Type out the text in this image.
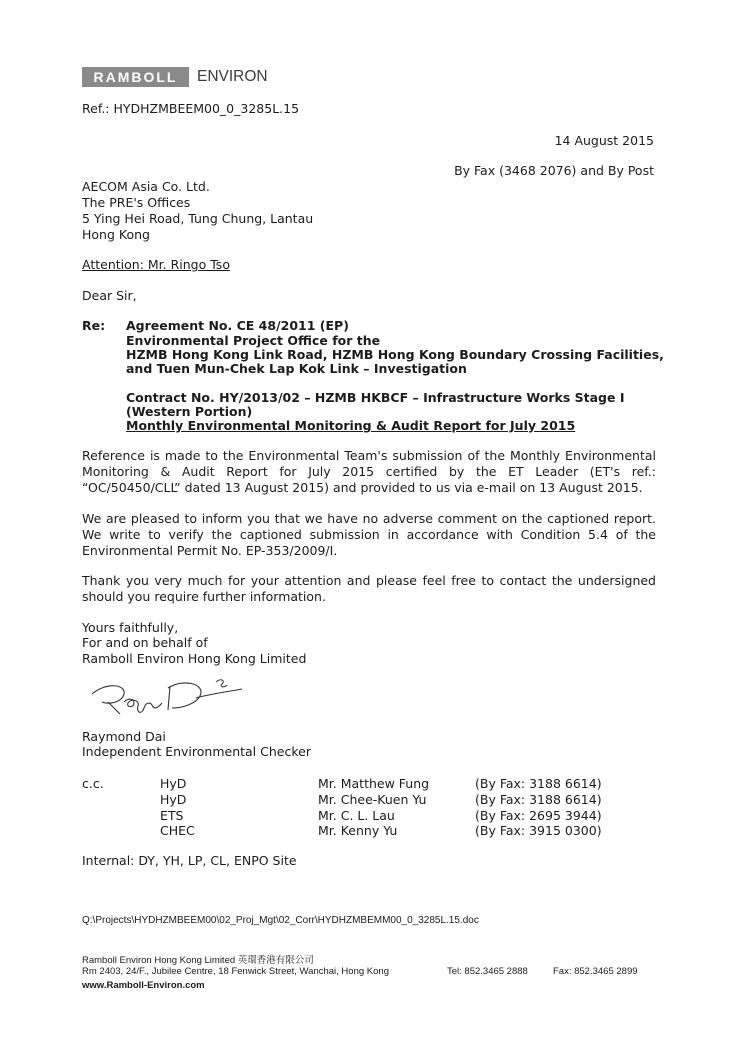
RAMBOLL	ENVIRON
Ref.: HYDHZMBEEM00_0_3285L.15
14 August 2015
By Fax (3468 2076) and By Post
AECOM Asia Co. Ltd.
The PRE's Offices
5 Ying Hei Road, Tung Chung, Lantau
Hong Kong
Attention: Mr. Ringo Tso
Dear Sir,
Re: Agreement No. CE 48/2011 (EP)
Environmental Project Office for the
HZMB Hong Kong Link Road, HZMB Hong Kong Boundary Crossing Facilities,
and Tuen Mun-Chek Lap Kok Link – Investigation
Contract No. HY/2013/02 – HZMB HKBCF – Infrastructure Works Stage I
(Western Portion)
Monthly Environmental Monitoring & Audit Report for July 2015
Reference is made to the Environmental Team's submission of the Monthly Environmental Monitoring & Audit Report for July 2015 certified by the ET Leader (ET's ref.: “OC/50450/CLL” dated 13 August 2015) and provided to us via e-mail on 13 August 2015.
We are pleased to inform you that we have no adverse comment on the captioned report. We write to verify the captioned submission in accordance with Condition 5.4 of the Environmental Permit No. EP-353/2009/I.
Thank you very much for your attention and please feel free to contact the undersigned should you require further information.
Yours faithfully,
For and on behalf of
Ramboll Environ Hong Kong Limited
Raymond Dai
Independent Environmental Checker
c.c.	HyD	Mr. Matthew Fung	(By Fax: 3188 6614)
HyD	Mr. Chee-Kuen Yu	(By Fax: 3188 6614)
ETS	Mr. C. L. Lau	(By Fax: 2695 3944)
CHEC	Mr. Kenny Yu	(By Fax: 3915 0300)
Internal: DY, YH, LP, CL, ENPO Site
Q:\Projects\HYDHZMBEEM00\02_Proj_Mgt\02_Corr\HYDHZMBEMM00_0_3285L.15.doc
Ramboll Environ Hong Kong Limited 英環香港有限公司
Rm 2403, 24/F., Jubilee Centre, 18 Fenwick Street, Wanchai, Hong Kong	Tel: 852.3465 2888	Fax: 852.3465 2899
www.Ramboll-Environ.com
